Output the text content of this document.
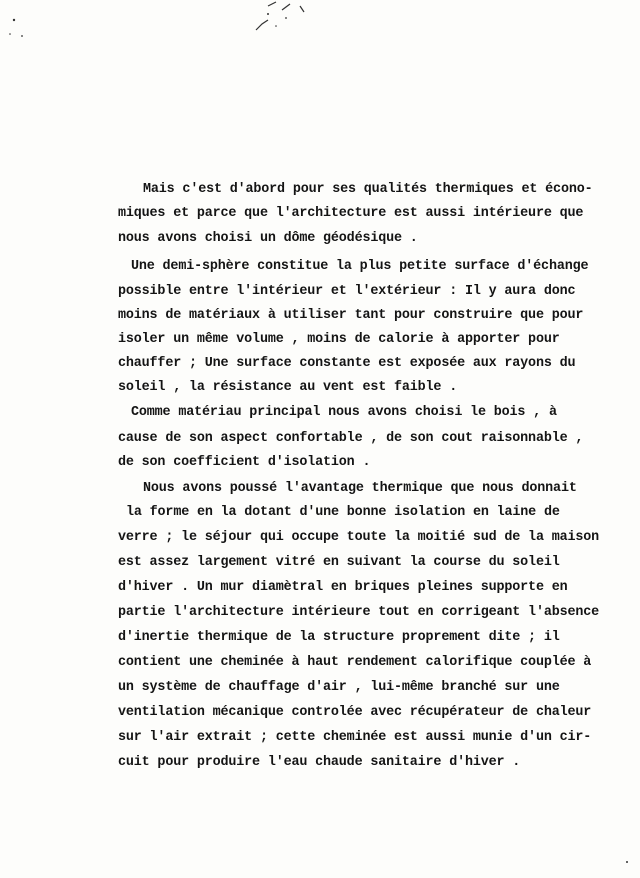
Mais c'est d'abord pour ses qualités thermiques et écono-
miques et parce que l'architecture est aussi intérieure que
nous avons choisi un dôme géodésique .
Une demi-sphère constitue la plus petite surface d'échange
possible entre l'intérieur et l'extérieur : Il y aura donc
moins de matériaux à utiliser tant pour construire que pour
isoler un même volume , moins de calorie à apporter pour
chauffer ; Une surface constante est exposée aux rayons du
soleil , la résistance au vent est faible .
Comme matériau principal nous avons choisi le bois , à
cause de son aspect confortable , de son cout raisonnable ,
de son coefficient d'isolation .
Nous avons poussé l'avantage thermique que nous donnait
la forme en la dotant d'une bonne isolation en laine de
verre ; le séjour qui occupe toute la moitié sud de la maison
est assez largement vitré en suivant la course du soleil
d'hiver . Un mur diamètral en briques pleines supporte en
partie l'architecture intérieure tout en corrigeant l'absence
d'inertie thermique de la structure proprement dite ; il
contient une cheminée à haut rendement calorifique couplée à
un système de chauffage d'air , lui-même branché sur une
ventilation mécanique controlée avec récupérateur de chaleur
sur l'air extrait ; cette cheminée est aussi munie d'un cir-
cuit pour produire l'eau chaude sanitaire d'hiver .
